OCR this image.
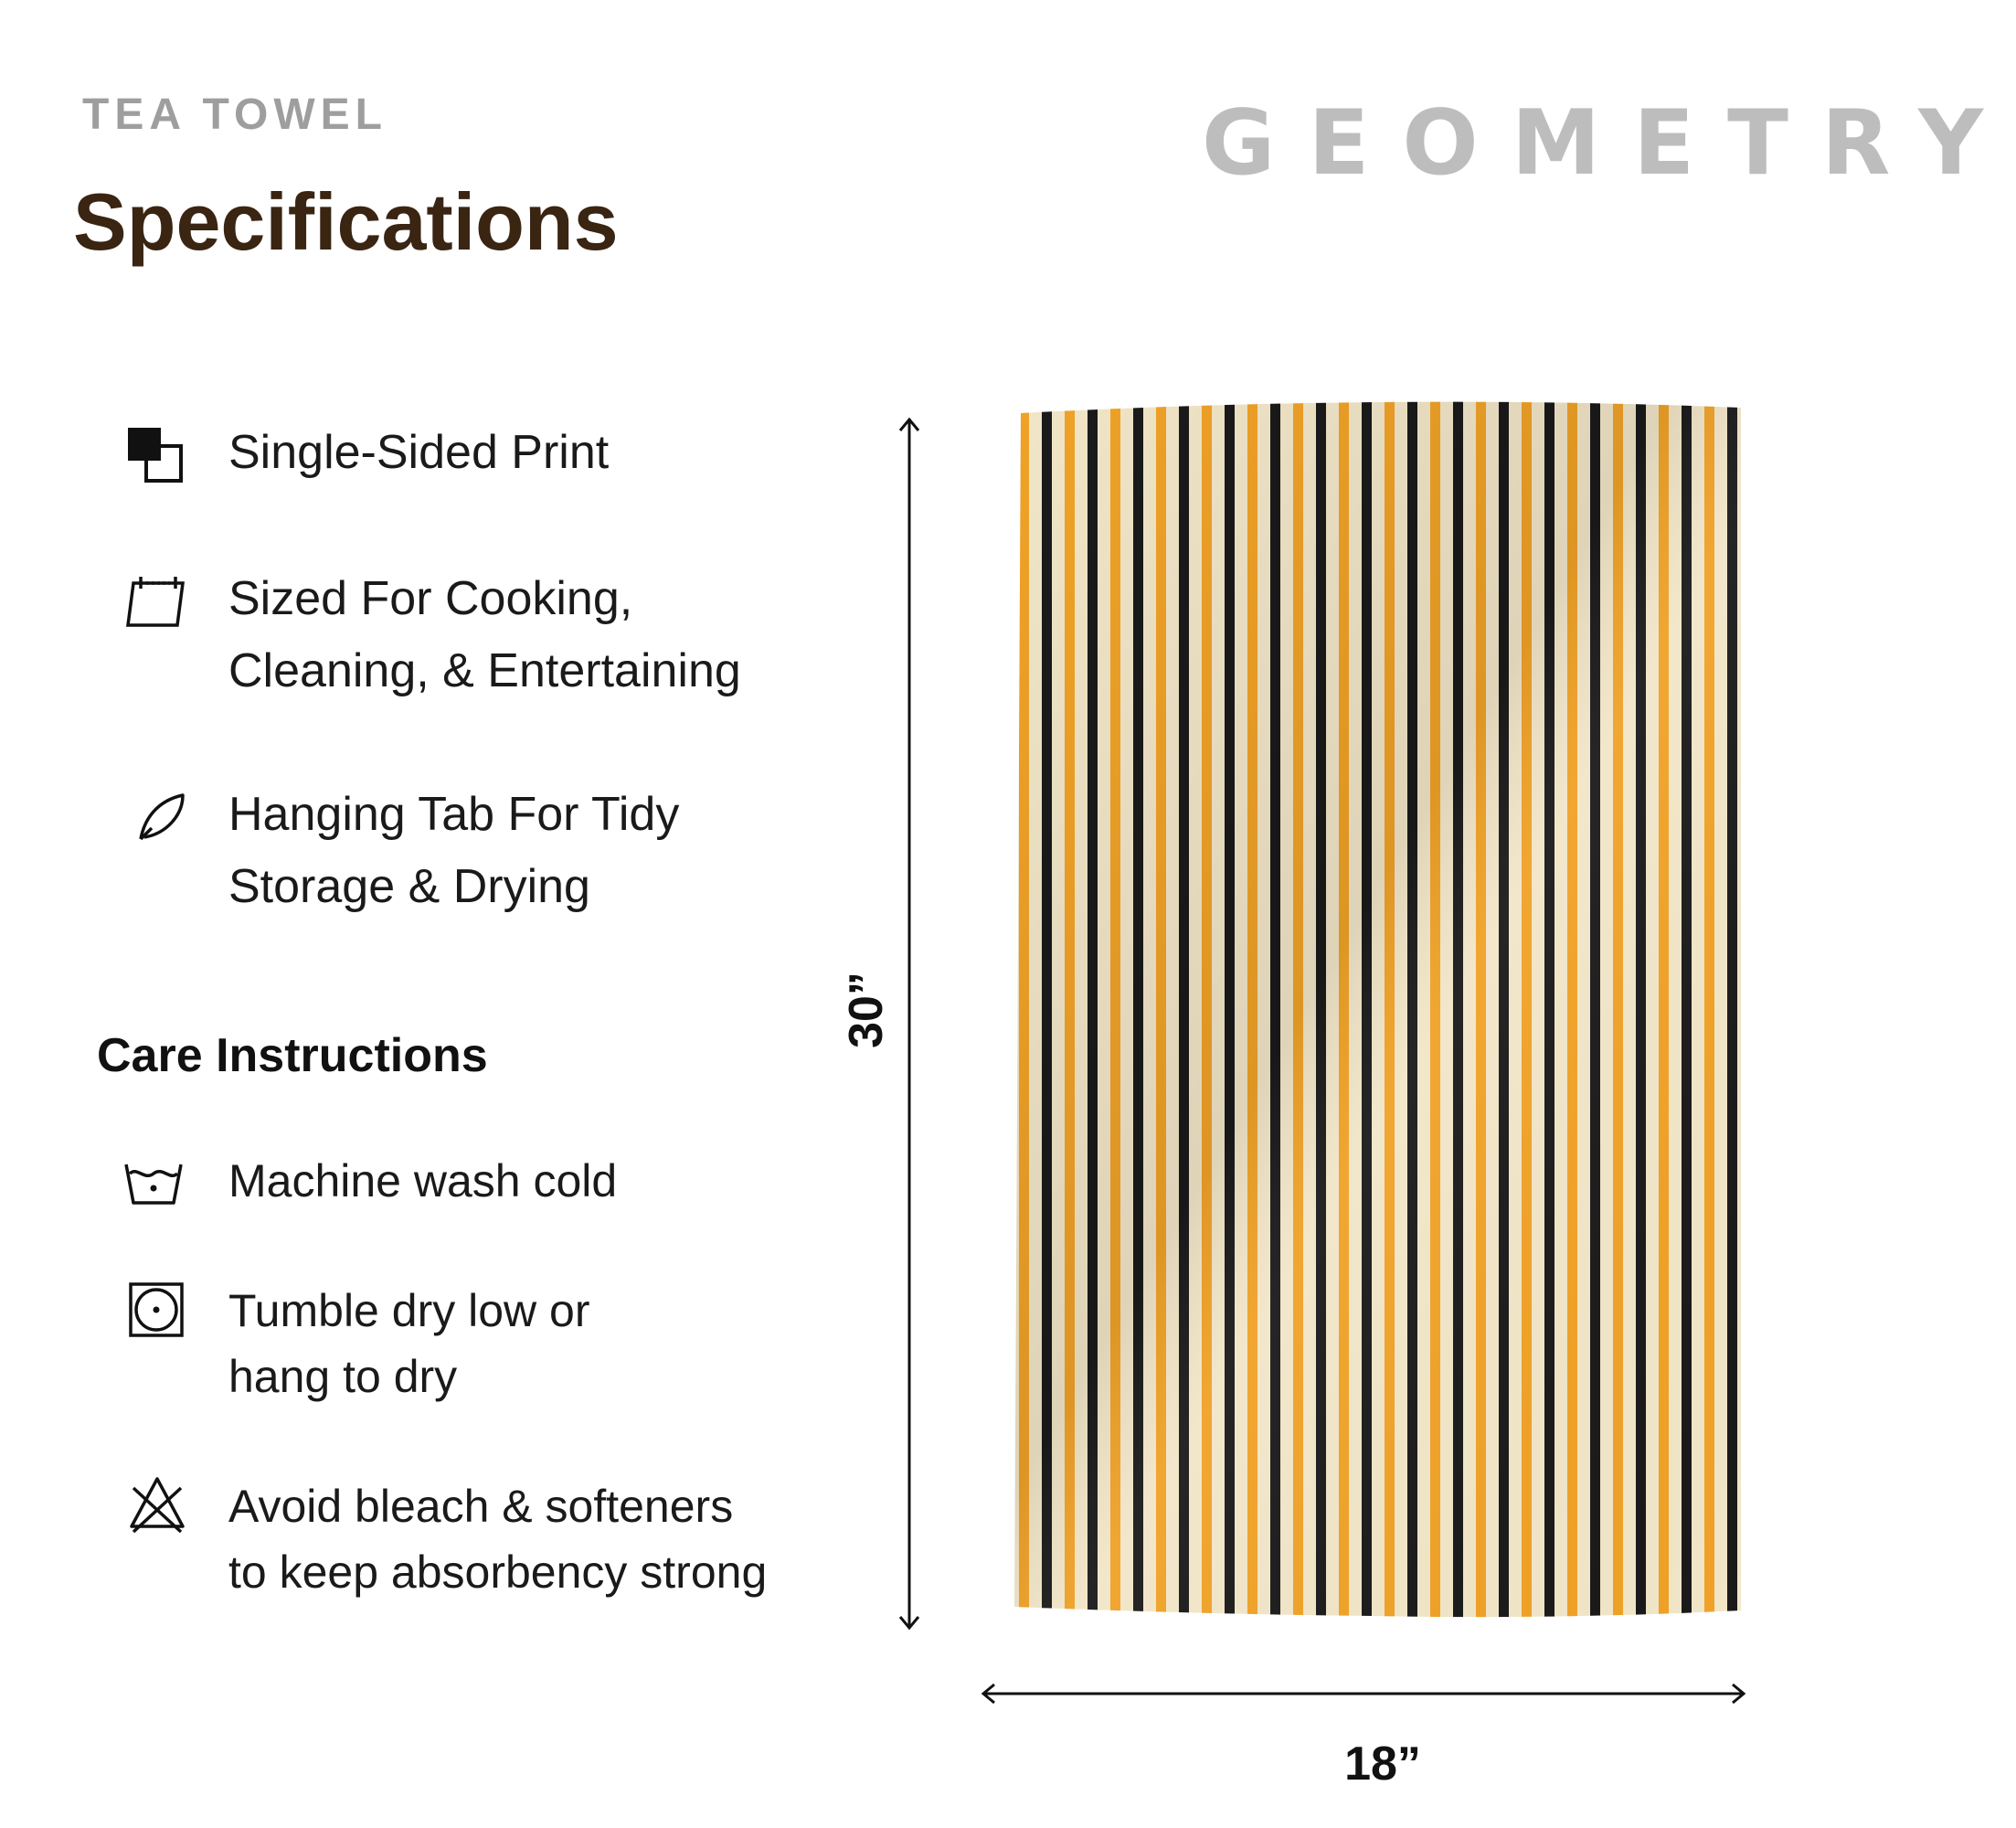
TEA TOWEL
Specifications
GEOMETRY
Single-Sided Print
Sized For Cooking,
Cleaning, & Entertaining
Hanging Tab For Tidy
Storage & Drying
Care Instructions
Machine wash cold
Tumble dry low or
hang to dry
Avoid bleach & softeners
to keep absorbency strong
30”
18”
